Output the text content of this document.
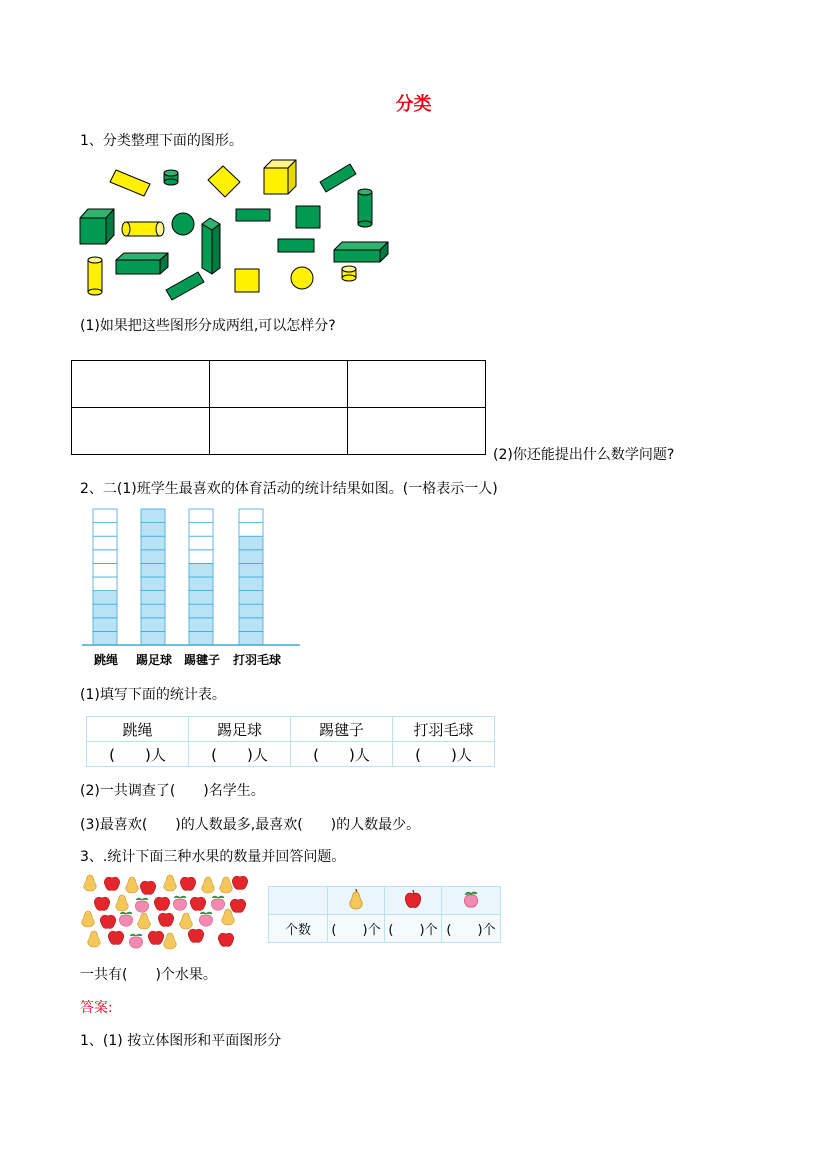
分类
1、分类整理下面的图形。
(1)如果把这些图形分成两组,可以怎样分?

(2)你还能提出什么数学问题?
2、二(1)班学生最喜欢的体育活动的统计结果如图。(一格表示一人)
跳绳 踢足球 踢毽子 打羽毛球
(1)填写下面的统计表。
跳绳	踢足球	踢毽子	打羽毛球
(　　)人	(　　)人	(　　)人	(　　)人
(2)一共调查了(　　)名学生。
(3)最喜欢(　　)的人数最多,最喜欢(　　)的人数最少。
3、.统计下面三种水果的数量并回答问题。

个数	(　　)个	(　　)个	(　　)个
一共有(　　)个水果。
答案:
1、(1) 按立体图形和平面图形分
